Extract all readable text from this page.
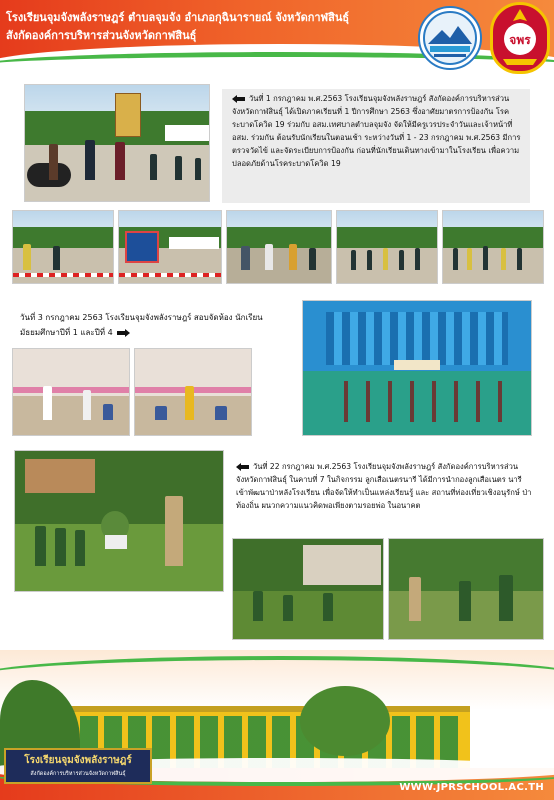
โรงเรียนจุมจังพลังราษฎร์ ตำบลจุมจัง อำเภอกุฉินารายณ์ จังหวัดกาฬสินธุ์
สังกัดองค์การบริหารส่วนจังหวัดกาฬสินธุ์	จพร
วันที่ 1 กรกฎาคม พ.ศ.2563 โรงเรียนจุมจังพลังราษฎร์ สังกัดองค์การบริหารส่วนจังหวัดกาฬสินธุ์ ได้เปิดภาคเรียนที่ 1 ปีการศึกษา 2563 ซึ่งอาศัยมาตรการป้องกัน โรคระบาดโควิด 19 ร่วมกับ อสม.เทศบาลตำบลจุมจัง จัดให้มีครูเวรประจำวันและเจ้าหน้าที่ อสม. ร่วมกัน ต้อนรับนักเรียนในตอนเช้า ระหว่างวันที่ 1 - 23 กรกฎาคม พ.ศ.2563 มีการตรวจวัดไข้ และจัดระเบียบการป้องกัน ก่อนที่นักเรียนเดินทางเข้ามาในโรงเรียน เพื่อความปลอดภัยด้านโรคระบาดโควิด 19
วันที่ 3 กรกฎาคม 2563 โรงเรียนจุมจังพลังราษฎร์ สอบจัดห้อง นักเรียน มัธยมศึกษาปีที่ 1 และปีที่ 4
วันที่ 22 กรกฎาคม พ.ศ.2563 โรงเรียนจุมจังพลังราษฎร์ สังกัดองค์การบริหารส่วนจังหวัดกาฬสินธุ์ ในคาบที่ 7 ในกิจกรรม ลูกเสือเนตรนารี ได้มีการนำกองลูกเสือเนตร นารี เข้าพัฒนาป่าหลังโรงเรียน เพื่อจัดให้ทำเป็นแหล่งเรียนรู้ และ สถานที่ท่องเที่ยวเชิงอนุรักษ์ ป่าท้องถิ่น ผนวกความแนวคิดพอเพียงตามรอยพ่อ ในอนาคต
โรงเรียนจุมจังพลังราษฎร์
สังกัดองค์การบริหารส่วนจังหวัดกาฬสินธุ์
WWW.JPRSCHOOL.AC.TH
